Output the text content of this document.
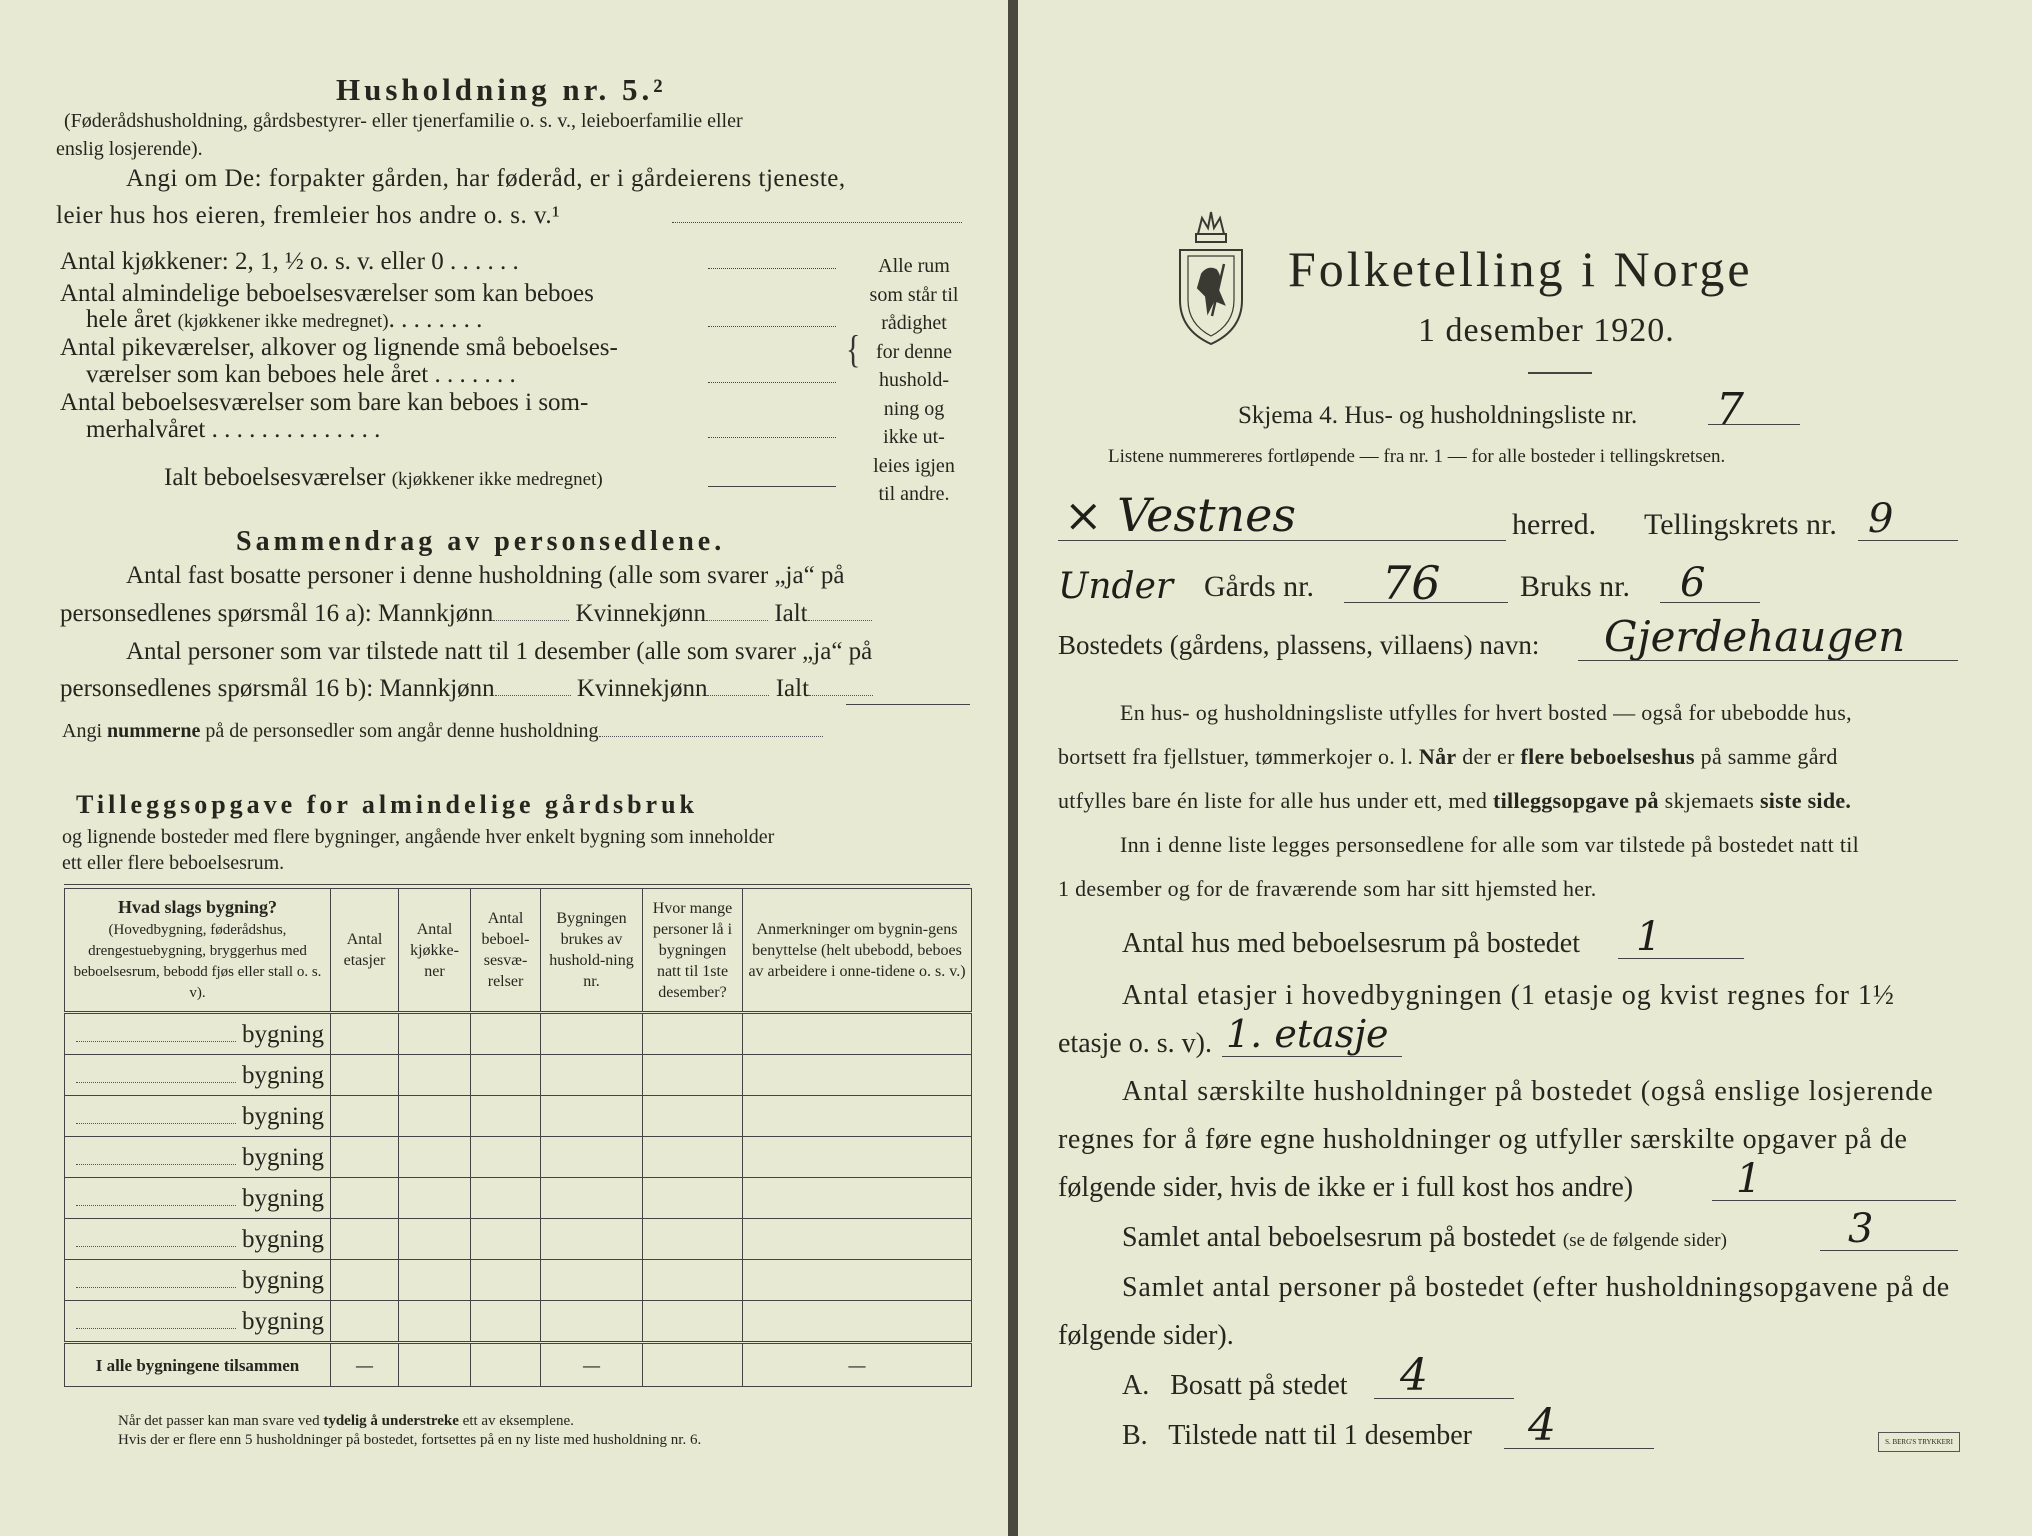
Husholdning nr. 5.²
(Føderådshusholdning, gårdsbestyrer- eller tjenerfamilie o. s. v., leieboerfamilie eller
enslig losjerende).
Angi om De: forpakter gården, har føderåd, er i gårdeierens tjeneste,
leier hus hos eieren, fremleier hos andre o. s. v.¹
Antal kjøkkener: 2, 1, ½ o. s. v. eller 0 . . . . . .
Antal almindelige beboelsesværelser som kan beboes
hele året (kjøkkener ikke medregnet). . . . . . . .
Antal pikeværelser, alkover og lignende små beboelses-
værelser som kan beboes hele året . . . . . . .
Antal beboelsesværelser som bare kan beboes i som-
merhalvåret . . . . . . . . . . . . . .
Ialt beboelsesværelser (kjøkkener ikke medregnet)
{
Alle rum
som står til
rådighet
for denne
hushold-
ning og
ikke ut-
leies igjen
til andre.
Sammendrag av personsedlene.
Antal fast bosatte personer i denne husholdning (alle som svarer „ja“ på
personsedlenes spørsmål 16 a): Mannkjønn	Kvinnekjønn	Ialt
Antal personer som var tilstede natt til 1 desember (alle som svarer „ja“ på
personsedlenes spørsmål 16 b): Mannkjønn	Kvinnekjønn	Ialt
Angi nummerne på de personsedler som angår denne husholdning
Tilleggsopgave for almindelige gårdsbruk
og lignende bosteder med flere bygninger, angående hver enkelt bygning som inneholder
ett eller flere beboelsesrum.
Hvad slags bygning?
(Hovedbygning, føderådshus, drengestuebygning, bryggerhus med beboelsesrum, bebodd fjøs eller stall o. s. v).	Antal etasjer	Antal kjøkke-ner	Antal beboel-sesvæ-relser	Bygningen brukes av hushold-ning nr.	Hvor mange personer lå i bygningen natt til 1ste desember?	Anmerkninger om bygnin-gens benyttelse (helt ubebodd, beboes av arbeidere i onne-tidene o. s. v.)
bygning						
bygning						
bygning						
bygning						
bygning						
bygning						
bygning						
bygning						
I alle bygningene tilsammen	—			—		—
Når det passer kan man svare ved tydelig å understreke ett av eksemplene.
Hvis der er flere enn 5 husholdninger på bostedet, fortsettes på en ny liste med husholdning nr. 6.
Folketelling i Norge
1 desember 1920.
Skjema 4. Hus- og husholdningsliste nr. 7
Listene nummereres fortløpende — fra nr. 1 — for alle bosteder i tellingskretsen.
× Vestnes	herred. Tellingskrets nr. 9
Under Gårds nr. 76	Bruks nr. 6
Bostedets (gårdens, plassens, villaens) navn: Gjerdehaugen
En hus- og husholdningsliste utfylles for hvert bosted — også for ubebodde hus,
bortsett fra fjellstuer, tømmerkojer o. l. Når der er flere beboelseshus på samme gård
utfylles bare én liste for alle hus under ett, med tilleggsopgave på skjemaets siste side.
Inn i denne liste legges personsedlene for alle som var tilstede på bostedet natt til
1 desember og for de fraværende som har sitt hjemsted her.
Antal hus med beboelsesrum på bostedet 1
Antal etasjer i hovedbygningen (1 etasje og kvist regnes for 1½
etasje o. s. v). 1. etasje
Antal særskilte husholdninger på bostedet (også enslige losjerende
regnes for å føre egne husholdninger og utfyller særskilte opgaver på de
følgende sider, hvis de ikke er i full kost hos andre)	1
Samlet antal beboelsesrum på bostedet (se de følgende sider)	3
Samlet antal personer på bostedet (efter husholdningsopgavene på de
følgende sider).
A. Bosatt på stedet 4
B. Tilstede natt til 1 desember 4	S. BERG'S TRYKKERI
